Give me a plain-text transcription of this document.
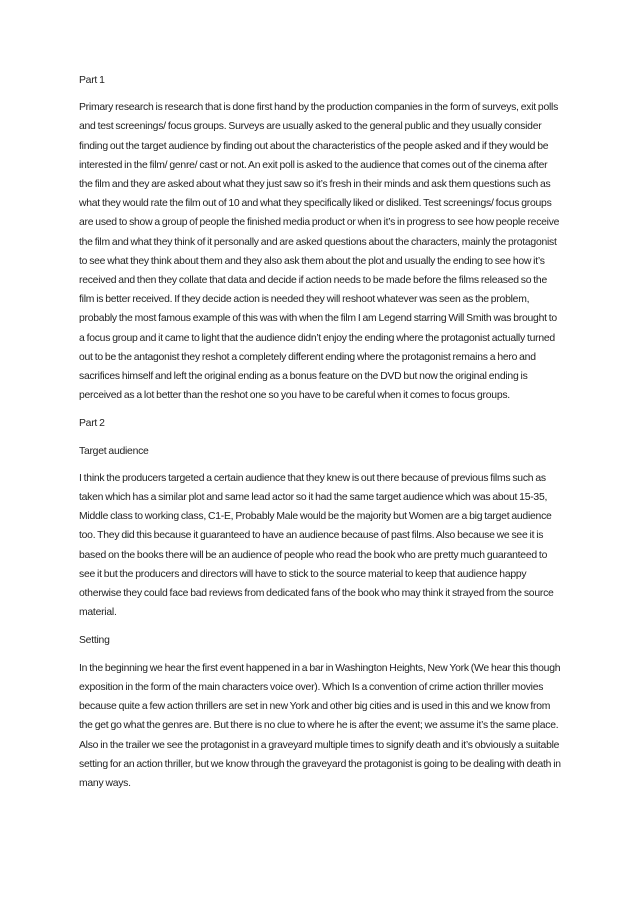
Part 1

Primary research is research that is done first hand by the production companies in the form of surveys, exit polls and test screenings/ focus groups. Surveys are usually asked to the general public and they usually consider finding out the target audience by finding out about the characteristics of the people asked and if they would be interested in the film/ genre/ cast or not. An exit poll is asked to the audience that comes out of the cinema after the film and they are asked about what they just saw so it’s fresh in their minds and ask them questions such as what they would rate the film out of 10 and what they specifically liked or disliked. Test screenings/ focus groups are used to show a group of people the finished media product or when it’s in progress to see how people receive the film and what they think of it personally and are asked questions about the characters, mainly the protagonist to see what they think about them and they also ask them about the plot and usually the ending to see how it’s received and then they collate that data and decide if action needs to be made before the films released so the film is better received. If they decide action is needed they will reshoot whatever was seen as the problem, probably the most famous example of this was with when the film I am Legend starring Will Smith was brought to a focus group and it came to light that the audience didn’t enjoy the ending where the protagonist actually turned out to be the antagonist they reshot a completely different ending where the protagonist remains a hero and sacrifices himself and left the original ending as a bonus feature on the DVD but now the original ending is perceived as a lot better than the reshot one so you have to be careful when it comes to focus groups.

Part 2

Target audience

I think the producers targeted a certain audience that they knew is out there because of previous films such as taken which has a similar plot and same lead actor so it had the same target audience which was about 15-35, Middle class to working class, C1-E, Probably Male would be the majority but Women are a big target audience too. They did this because it guaranteed to have an audience because of past films. Also because we see it is based on the books there will be an audience of people who read the book who are pretty much guaranteed to see it but the producers and directors will have to stick to the source material to keep that audience happy otherwise they could face bad reviews from dedicated fans of the book who may think it strayed from the source material.

Setting

In the beginning we hear the first event happened in a bar in Washington Heights, New York (We hear this though exposition in the form of the main characters voice over). Which Is a convention of crime action thriller movies because quite a few action thrillers are set in new York and other big cities and is used in this and we know from the get go what the genres are. But there is no clue to where he is after the event; we assume it’s the same place. Also in the trailer we see the protagonist in a graveyard multiple times to signify death and it’s obviously a suitable setting for an action thriller, but we know through the graveyard the protagonist is going to be dealing with death in many ways.
